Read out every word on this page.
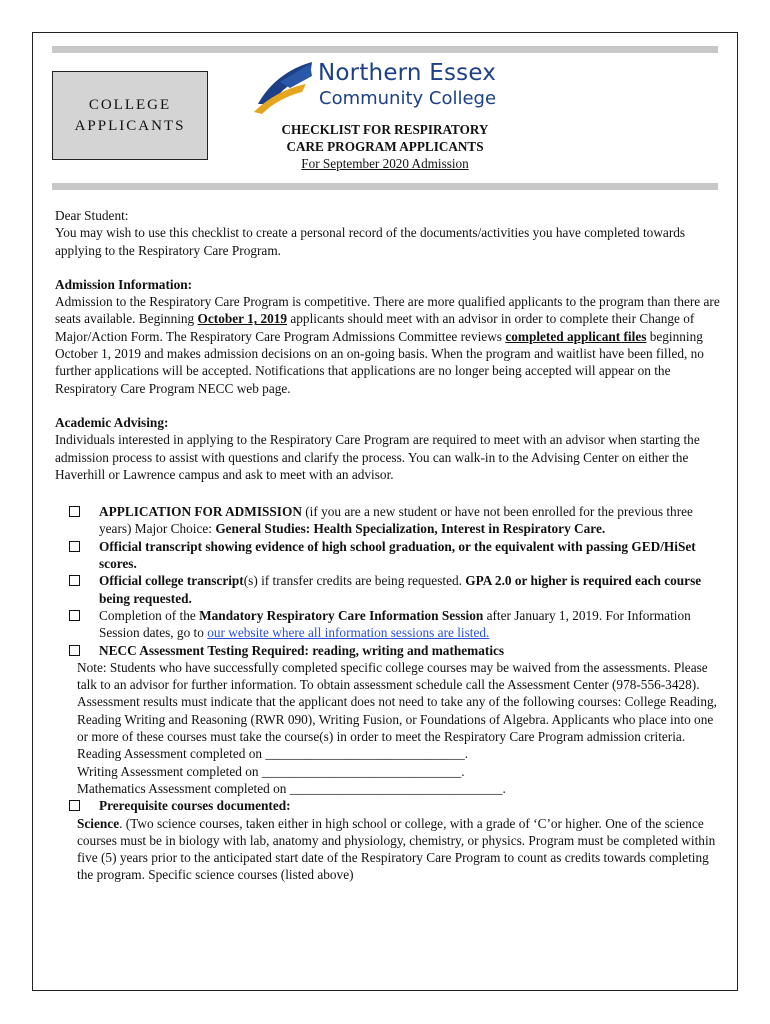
COLLEGE
APPLICANTS
Northern Essex
Community College
CHECKLIST FOR RESPIRATORY
CARE PROGRAM APPLICANTS
For September 2020 Admission

Dear Student:

You may wish to use this checklist to create a personal record of the documents/activities you have completed towards applying to the Respiratory Care Program.

Admission Information:

Admission to the Respiratory Care Program is competitive. There are more qualified applicants to the program than there are seats available. Beginning October 1, 2019 applicants should meet with an advisor in order to complete their Change of Major/Action Form. The Respiratory Care Program Admissions Committee reviews completed applicant files beginning October 1, 2019 and makes admission decisions on an on-going basis. When the program and waitlist have been filled, no further applications will be accepted. Notifications that applications are no longer being accepted will appear on the Respiratory Care Program NECC web page.

Academic Advising:

Individuals interested in applying to the Respiratory Care Program are required to meet with an advisor when starting the admission process to assist with questions and clarify the process. You can walk-in to the Advising Center on either the Haverhill or Lawrence campus and ask to meet with an advisor.

APPLICATION FOR ADMISSION (if you are a new student or have not been enrolled for the previous three years) Major Choice: General Studies: Health Specialization, Interest in Respiratory Care.

Official transcript showing evidence of high school graduation, or the equivalent with passing GED/HiSet scores.

Official college transcript(s) if transfer credits are being requested. GPA 2.0 or higher is required each course being requested.

Completion of the Mandatory Respiratory Care Information Session after January 1, 2019. For Information Session dates, go to our website where all information sessions are listed.

NECC Assessment Testing Required: reading, writing and mathematics

Note: Students who have successfully completed specific college courses may be waived from the assessments. Please talk to an advisor for further information. To obtain assessment schedule call the Assessment Center (978-556-3428). Assessment results must indicate that the applicant does not need to take any of the following courses: College Reading, Reading Writing and Reasoning (RWR 090), Writing Fusion, or Foundations of Algebra. Applicants who place into one or more of these courses must take the course(s) in order to meet the Respiratory Care Program admission criteria.

Reading Assessment completed on ______________________________.

Writing Assessment completed on ______________________________.

Mathematics Assessment completed on ________________________________.

Prerequisite courses documented:

Science. (Two science courses, taken either in high school or college, with a grade of ‘C’or higher. One of the science courses must be in biology with lab, anatomy and physiology, chemistry, or physics. Program must be completed within five (5) years prior to the anticipated start date of the Respiratory Care Program to count as credits towards completing the program. Specific science courses (listed above)
